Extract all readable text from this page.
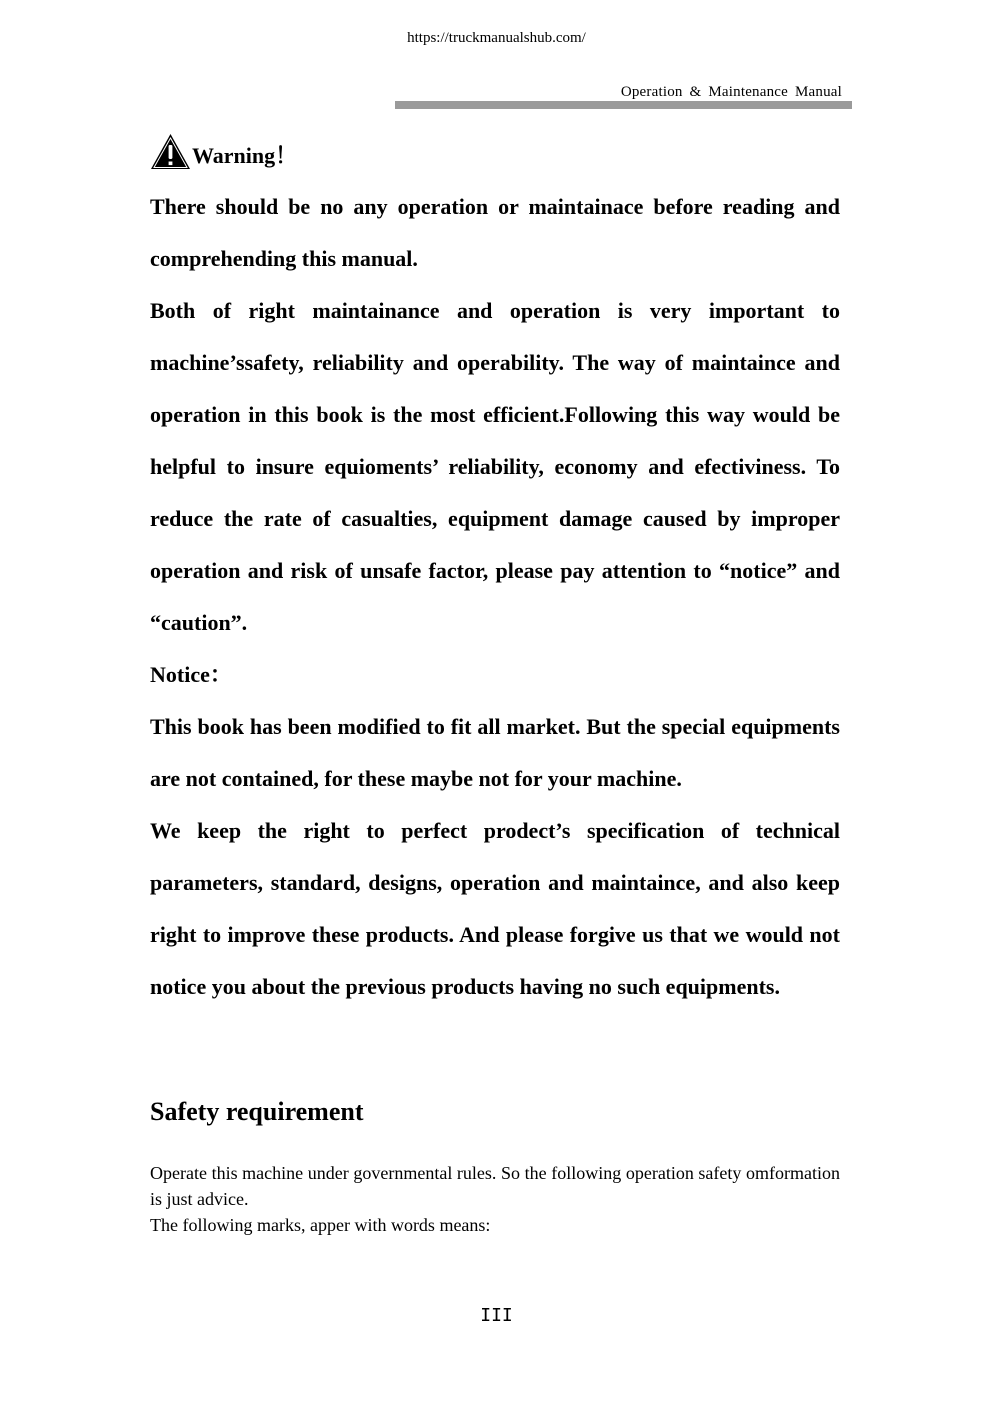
https://truckmanualshub.com/
Operation & Maintenance Manual
Warning！

There should be no any operation or maintainace before reading and comprehending this manual.

Both of right maintainance and operation is very important to machine’ssafety, reliability and operability. The way of maintaince and operation in this book is the most efficient.Following this way would be helpful to insure equioments’ reliability, economy and efectiviness. To reduce the rate of casualties, equipment damage caused by improper operation and risk of unsafe factor, please pay attention to “notice” and “caution”.

Notice：

This book has been modified to fit all market. But the special equipments are not contained, for these maybe not for your machine.

We keep the right to perfect prodect’s specification of technical parameters, standard, designs, operation and maintaince, and also keep right to improve these products. And please forgive us that we would not notice you about the previous products having no such equipments.

Safety requirement

Operate this machine under governmental rules. So the following operation safety omformation is just advice.

The following marks, apper with words means:

III
